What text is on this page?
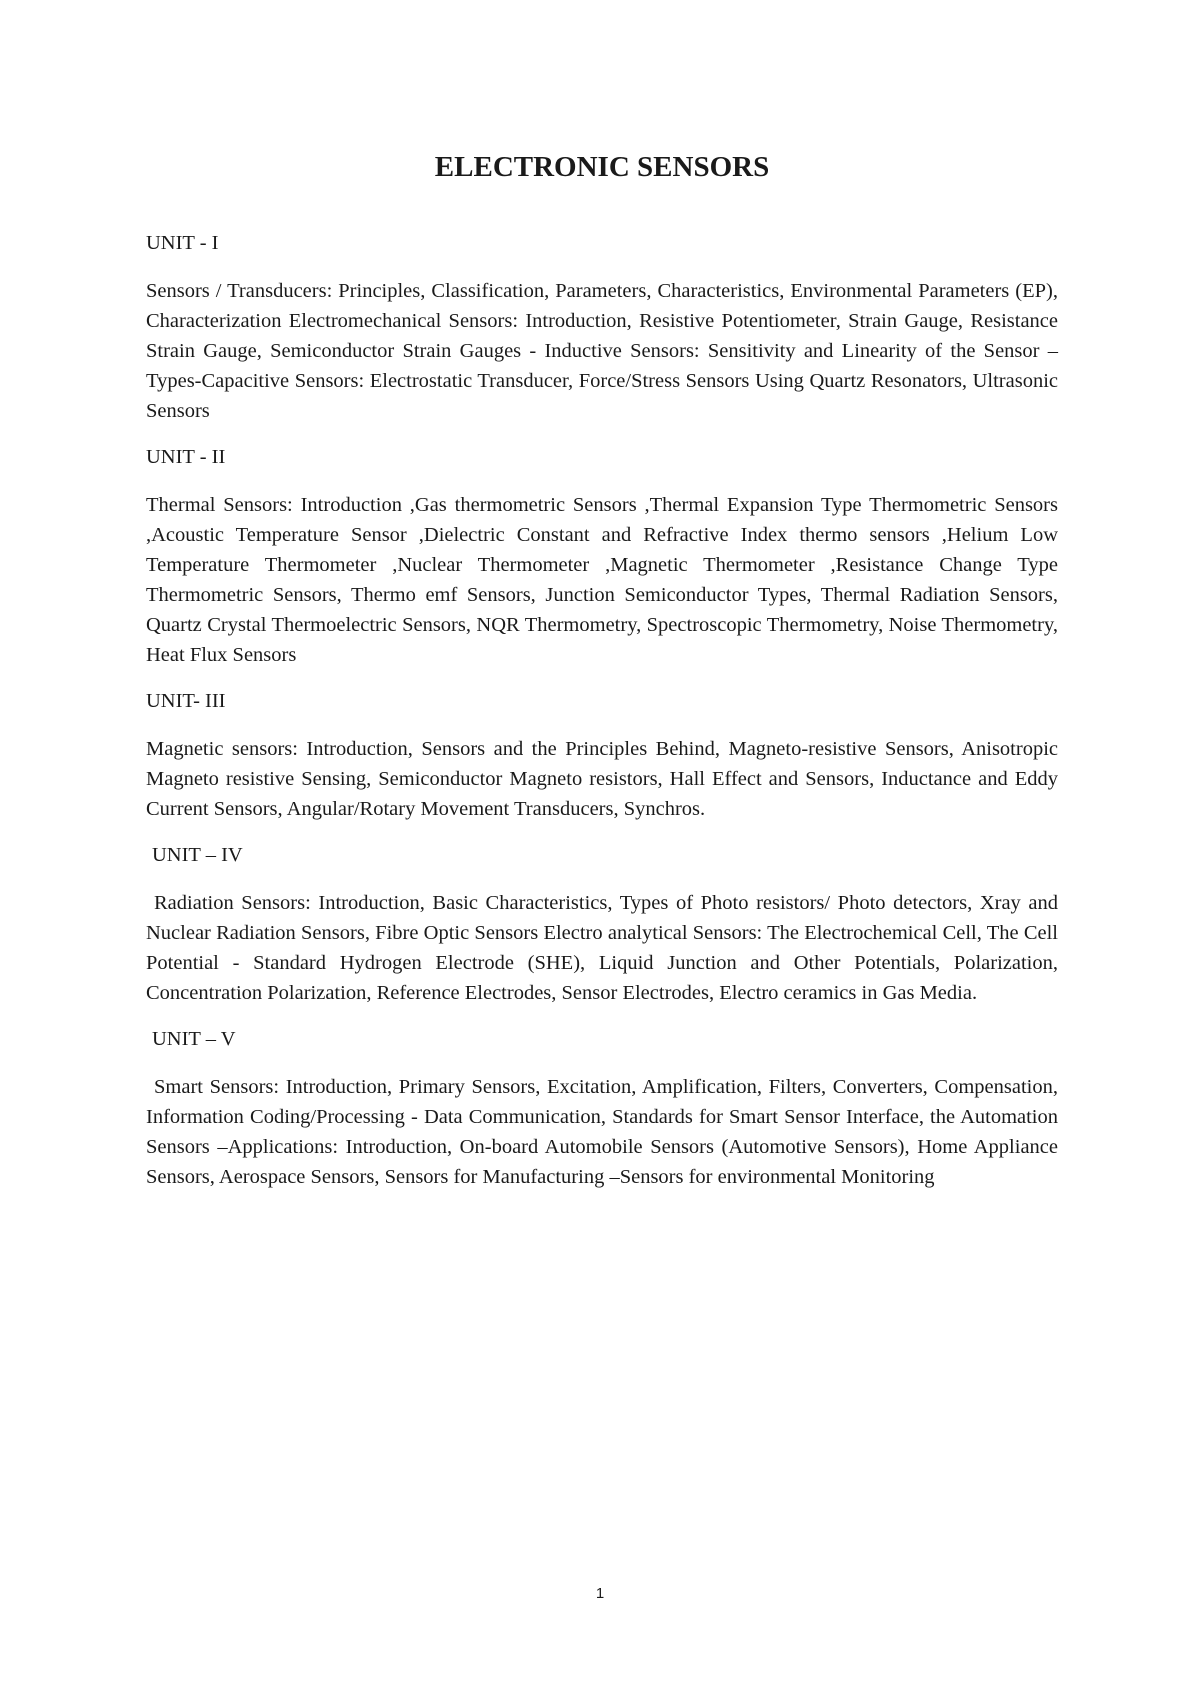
ELECTRONIC SENSORS
UNIT - I

Sensors / Transducers: Principles, Classification, Parameters, Characteristics, Environmental Parameters (EP), Characterization Electromechanical Sensors: Introduction, Resistive Potentiometer, Strain Gauge, Resistance Strain Gauge, Semiconductor Strain Gauges - Inductive Sensors: Sensitivity and Linearity of the Sensor – Types-Capacitive Sensors: Electrostatic Transducer, Force/Stress Sensors Using Quartz Resonators, Ultrasonic Sensors

UNIT - II

Thermal Sensors: Introduction ,Gas thermometric Sensors ,Thermal Expansion Type Thermometric Sensors ,Acoustic Temperature Sensor ,Dielectric Constant and Refractive Index thermo sensors ,Helium Low Temperature Thermometer ,Nuclear Thermometer ,Magnetic Thermometer ,Resistance Change Type Thermometric Sensors, Thermo emf Sensors, Junction Semiconductor Types, Thermal Radiation Sensors, Quartz Crystal Thermoelectric Sensors, NQR Thermometry, Spectroscopic Thermometry, Noise Thermometry, Heat Flux Sensors

UNIT- III

Magnetic sensors: Introduction, Sensors and the Principles Behind, Magneto-resistive Sensors, Anisotropic Magneto resistive Sensing, Semiconductor Magneto resistors, Hall Effect and Sensors, Inductance and Eddy Current Sensors, Angular/Rotary Movement Transducers, Synchros.

UNIT – IV

Radiation Sensors: Introduction, Basic Characteristics, Types of Photo resistors/ Photo detectors, Xray and Nuclear Radiation Sensors, Fibre Optic Sensors Electro analytical Sensors: The Electrochemical Cell, The Cell Potential - Standard Hydrogen Electrode (SHE), Liquid Junction and Other Potentials, Polarization, Concentration Polarization, Reference Electrodes, Sensor Electrodes, Electro ceramics in Gas Media.

UNIT – V

Smart Sensors: Introduction, Primary Sensors, Excitation, Amplification, Filters, Converters, Compensation, Information Coding/Processing - Data Communication, Standards for Smart Sensor Interface, the Automation Sensors –Applications: Introduction, On-board Automobile Sensors (Automotive Sensors), Home Appliance Sensors, Aerospace Sensors, Sensors for Manufacturing –Sensors for environmental Monitoring

1
